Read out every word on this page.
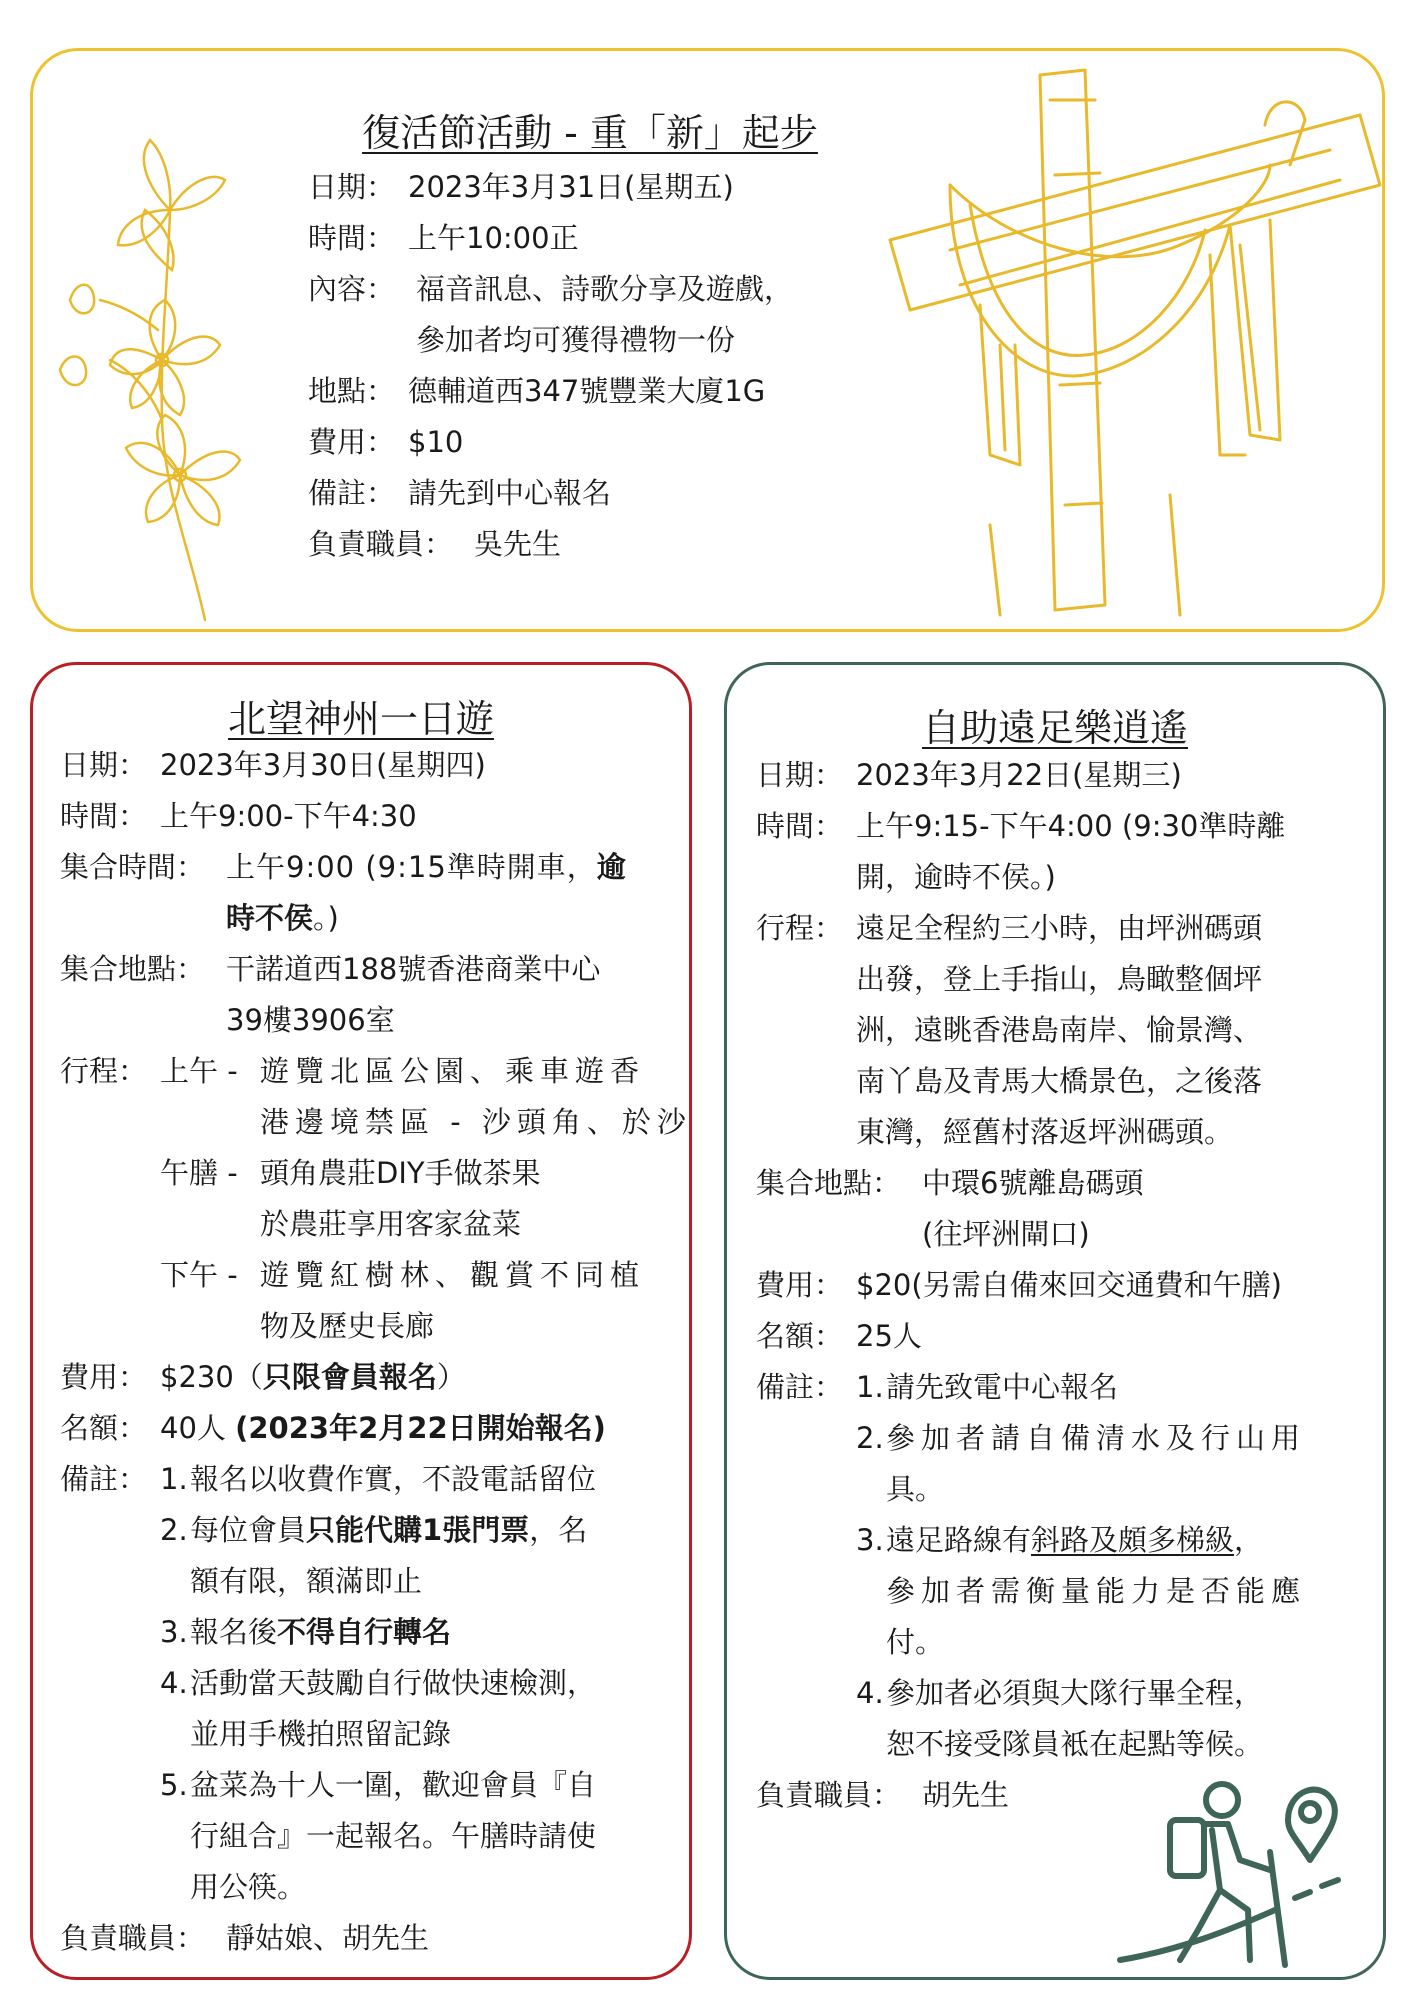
復活節活動 - 重「新」起步
日期： 2023年3月31日(星期五)
時間： 上午10:00正
內容： 福音訊息、詩歌分享及遊戲，
參加者均可獲得禮物一份
地點： 德輔道西347號豐業大廈1G
費用： $10
備註： 請先到中心報名
負責職員： 吳先生
北望神州一日遊
日期： 2023年3月30日(星期四)
時間： 上午9:00-下午4:30
集合時間： 上午9:00 (9:15準時開車，逾
時不侯。)
集合地點： 干諾道西188號香港商業中心
39樓3906室
行程： 上午 - 遊覽北區公園、乘車遊香
港邊境禁區 - 沙頭角、於沙
午膳 - 頭角農莊DIY手做茶果
於農莊享用客家盆菜
下午 - 遊覽紅樹林、觀賞不同植
物及歷史長廊
費用： $230（只限會員報名）
名額： 40人 (2023年2月22日開始報名)
備註： 1. 報名以收費作實，不設電話留位
2. 每位會員只能代購1張門票，名
額有限，額滿即止
3. 報名後不得自行轉名
4. 活動當天鼓勵自行做快速檢測，
並用手機拍照留記錄
5. 盆菜為十人一圍，歡迎會員『自
行組合』一起報名。午膳時請使
用公筷。
負責職員： 靜姑娘、胡先生
自助遠足樂逍遙
日期： 2023年3月22日(星期三)
時間： 上午9:15-下午4:00 (9:30準時離
開，逾時不侯。)
行程： 遠足全程約三小時，由坪洲碼頭
出發，登上手指山，鳥瞰整個坪
洲，遠眺香港島南岸、愉景灣、
南丫島及青馬大橋景色，之後落
東灣，經舊村落返坪洲碼頭。
集合地點： 中環6號離島碼頭
(往坪洲閘口)
費用： $20(另需自備來回交通費和午膳)
名額： 25人
備註： 1. 請先致電中心報名
2. 參加者請自備清水及行山用
具。
3. 遠足路線有斜路及頗多梯級，
參加者需衡量能力是否能應
付。
4. 參加者必須與大隊行畢全程，
恕不接受隊員袛在起點等候。
負責職員： 胡先生
